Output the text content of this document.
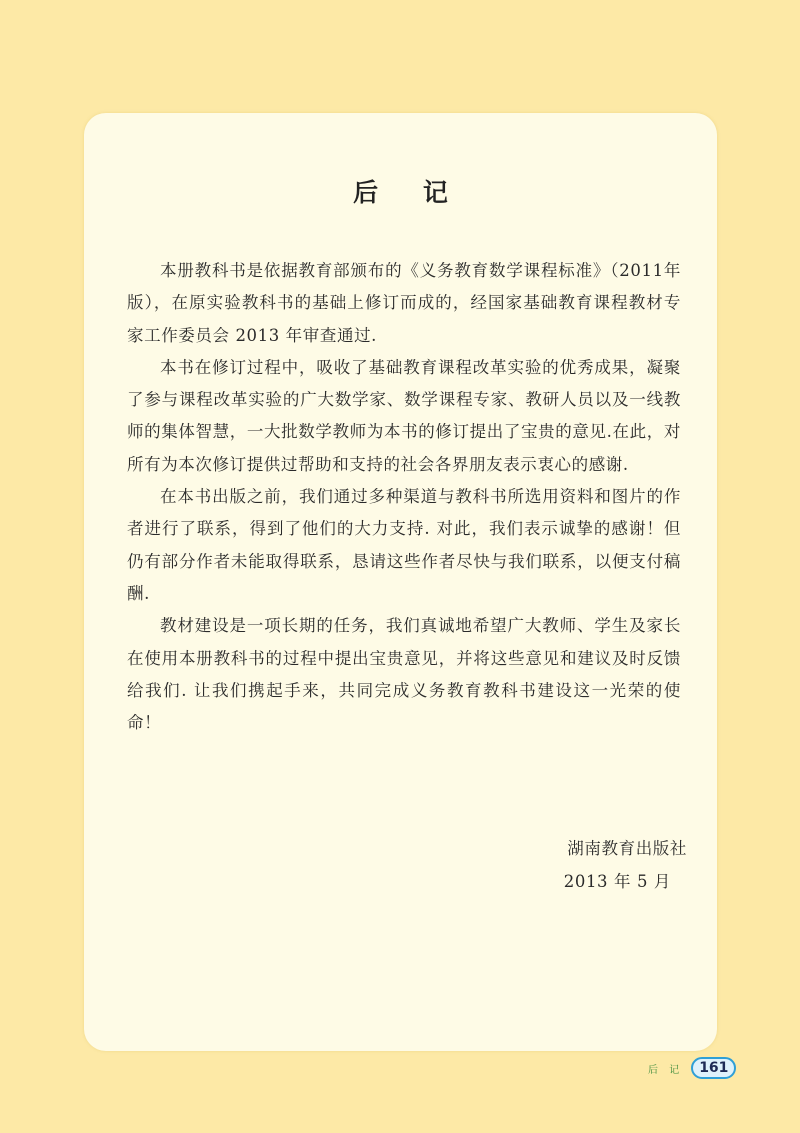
后 记

本册教科书是依据教育部颁布的《义务教育数学课程标准》（2011年版），在原实验教科书的基础上修订而成的，经国家基础教育课程教材专家工作委员会 2013 年审查通过.

本书在修订过程中，吸收了基础教育课程改革实验的优秀成果，凝聚了参与课程改革实验的广大数学家、数学课程专家、教研人员以及一线教师的集体智慧，一大批数学教师为本书的修订提出了宝贵的意见.在此，对所有为本次修订提供过帮助和支持的社会各界朋友表示衷心的感谢.

在本书出版之前，我们通过多种渠道与教科书所选用资料和图片的作者进行了联系，得到了他们的大力支持. 对此，我们表示诚挚的感谢！但仍有部分作者未能取得联系，恳请这些作者尽快与我们联系，以便支付稿酬.

教材建设是一项长期的任务，我们真诚地希望广大教师、学生及家长在使用本册教科书的过程中提出宝贵意见，并将这些意见和建议及时反馈给我们. 让我们携起手来，共同完成义务教育教科书建设这一光荣的使命！

湖南教育出版社
2013 年 5 月
后 记	161
